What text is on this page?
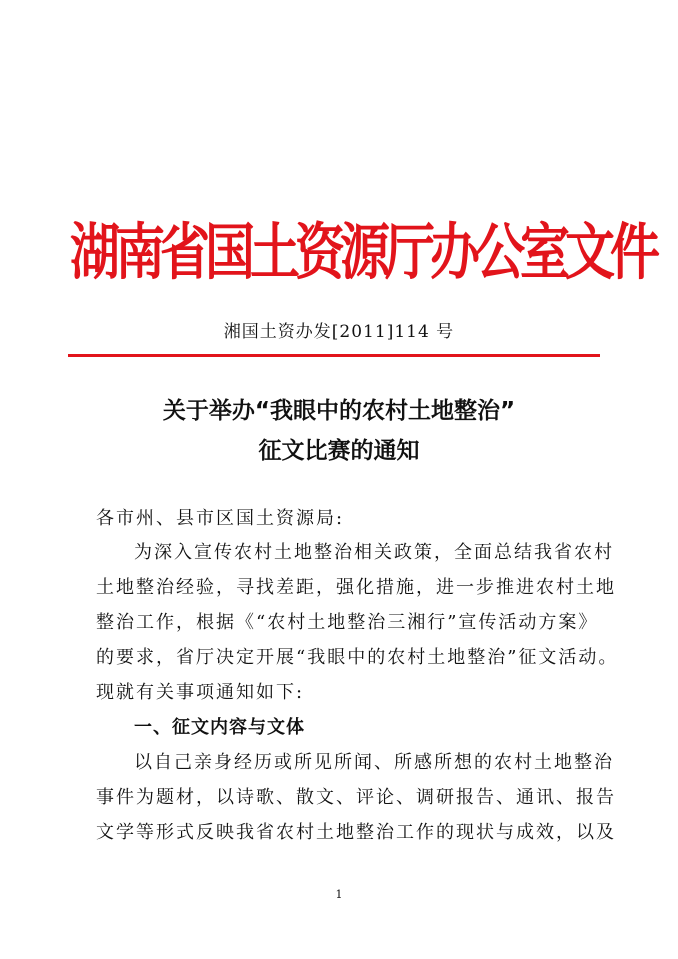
湖南省国土资源厅办公室文件
湘国土资办发[2011]114 号
关于举办“我眼中的农村土地整治”
征文比赛的通知
各市州、县市区国土资源局:
为深入宣传农村土地整治相关政策，全面总结我省农村
土地整治经验，寻找差距，强化措施，进一步推进农村土地
整治工作，根据《“农村土地整治三湘行”宣传活动方案》
的要求，省厅决定开展“我眼中的农村土地整治”征文活动。
现就有关事项通知如下:
一、征文内容与文体
以自己亲身经历或所见所闻、所感所想的农村土地整治
事件为题材，以诗歌、散文、评论、调研报告、通讯、报告
文学等形式反映我省农村土地整治工作的现状与成效，以及
1
